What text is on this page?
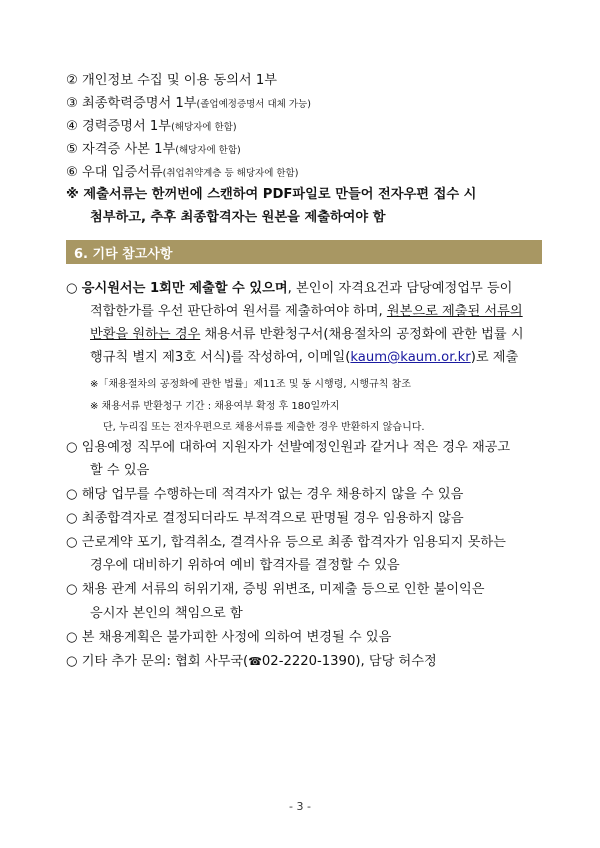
② 개인정보 수집 및 이용 동의서 1부
③ 최종학력증명서 1부(졸업예정증명서 대체 가능)
④ 경력증명서 1부(해당자에 한함)
⑤ 자격증 사본 1부(해당자에 한함)
⑥ 우대 입증서류(취업취약계층 등 해당자에 한함)
※ 제출서류는 한꺼번에 스캔하여 PDF파일로 만들어 전자우편 접수 시
첨부하고, 추후 최종합격자는 원본을 제출하여야 함
6. 기타 참고사항
○ 응시원서는 1회만 제출할 수 있으며, 본인이 자격요건과 담당예정업무 등이
적합한가를 우선 판단하여 원서를 제출하여야 하며, 원본으로 제출된 서류의
반환을 원하는 경우 채용서류 반환청구서(채용절차의 공정화에 관한 법률 시
행규칙 별지 제3호 서식)를 작성하여, 이메일(kaum@kaum.or.kr)로 제출
※「채용절차의 공정화에 관한 법률」제11조 및 동 시행령, 시행규칙 참조
※ 채용서류 반환청구 기간 : 채용여부 확정 후 180일까지
단, 누리집 또는 전자우편으로 채용서류를 제출한 경우 반환하지 않습니다.
○ 임용예정 직무에 대하여 지원자가 선발예정인원과 같거나 적은 경우 재공고
할 수 있음
○ 해당 업무를 수행하는데 적격자가 없는 경우 채용하지 않을 수 있음
○ 최종합격자로 결정되더라도 부적격으로 판명될 경우 임용하지 않음
○ 근로계약 포기, 합격취소, 결격사유 등으로 최종 합격자가 임용되지 못하는
경우에 대비하기 위하여 예비 합격자를 결정할 수 있음
○ 채용 관계 서류의 허위기재, 증빙 위변조, 미제출 등으로 인한 불이익은
응시자 본인의 책임으로 함
○ 본 채용계획은 불가피한 사정에 의하여 변경될 수 있음
○ 기타 추가 문의: 협회 사무국(☎02-2220-1390), 담당 허수정
- 3 -
